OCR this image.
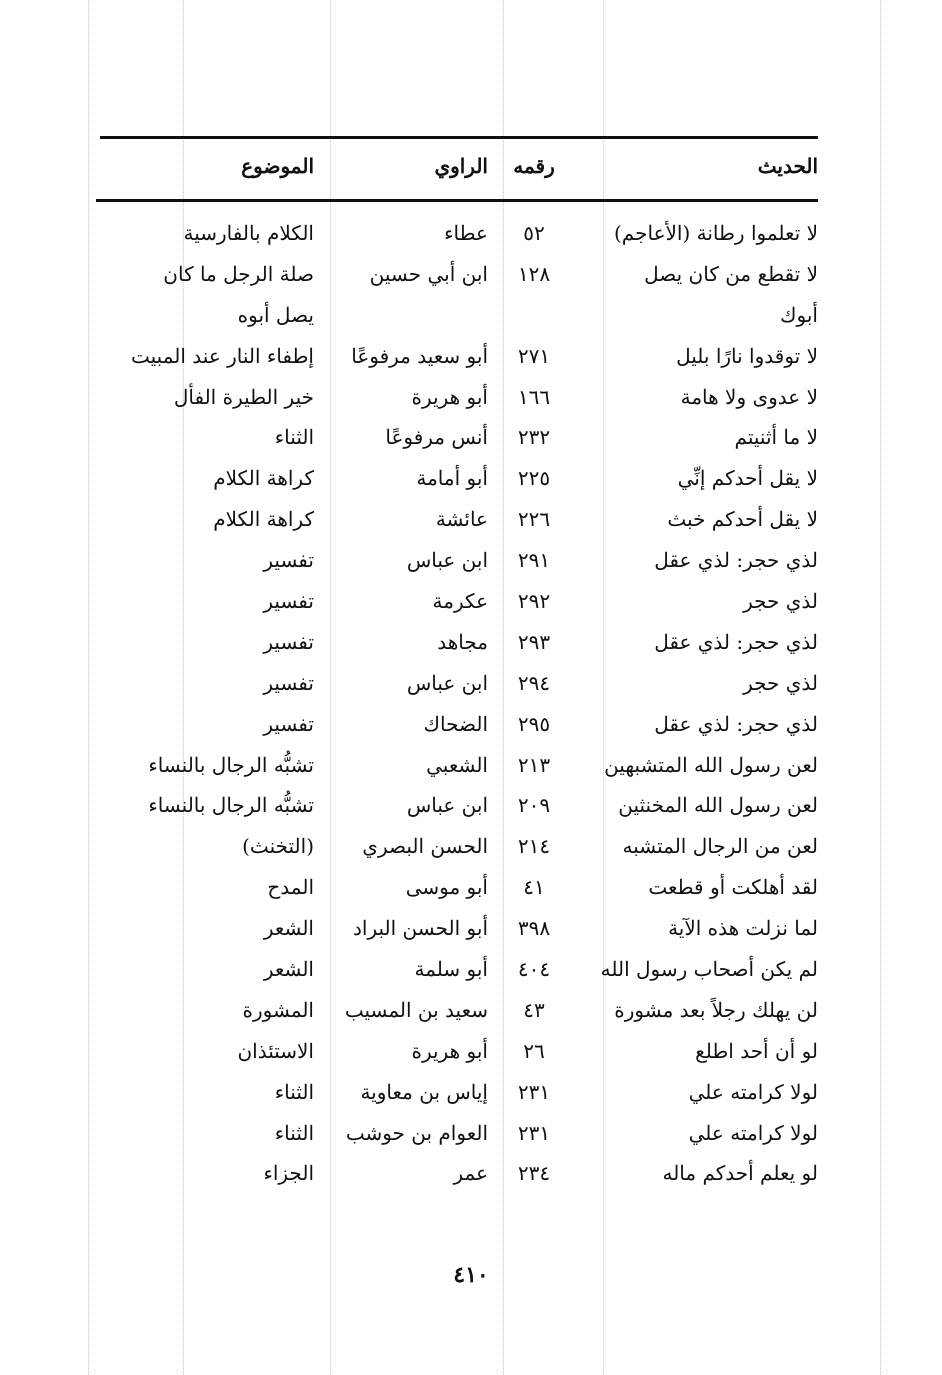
الحديث
رقمه
الراوي
الموضوع
لا تعلموا رطانة (الأعاجم)
٥٢
عطاء
الكلام بالفارسية
لا تقطع من كان يصل
١٢٨
ابن أبي حسين
صلة الرجل ما كان
أبوك
يصل أبوه
لا توقدوا نارًا بليل
٢٧١
أبو سعيد مرفوعًا
إطفاء النار عند المبيت
لا عدوى ولا هامة
١٦٦
أبو هريرة
خير الطيرة الفأل
لا ما أثنيتم
٢٣٢
أنس مرفوعًا
الثناء
لا يقل أحدكم إنِّي
٢٢٥
أبو أمامة
كراهة الكلام
لا يقل أحدكم خبث
٢٢٦
عائشة
كراهة الكلام
لذي حجر: لذي عقل
٢٩١
ابن عباس
تفسير
لذي حجر
٢٩٢
عكرمة
تفسير
لذي حجر: لذي عقل
٢٩٣
مجاهد
تفسير
لذي حجر
٢٩٤
ابن عباس
تفسير
لذي حجر: لذي عقل
٢٩٥
الضحاك
تفسير
لعن رسول الله المتشبهين
٢١٣
الشعبي
تشبُّه الرجال بالنساء
لعن رسول الله المخنثين
٢٠٩
ابن عباس
تشبُّه الرجال بالنساء
لعن من الرجال المتشبه
٢١٤
الحسن البصري
(التخنث)
لقد أهلكت أو قطعت
٤١
أبو موسى
المدح
لما نزلت هذه الآية
٣٩٨
أبو الحسن البراد
الشعر
لم يكن أصحاب رسول الله
٤٠٤
أبو سلمة
الشعر
لن يهلك رجلاً بعد مشورة
٤٣
سعيد بن المسيب
المشورة
لو أن أحد اطلع
٢٦
أبو هريرة
الاستئذان
لولا كرامته علي
٢٣١
إياس بن معاوية
الثناء
لولا كرامته علي
٢٣١
العوام بن حوشب
الثناء
لو يعلم أحدكم ماله
٢٣٤
عمر
الجزاء
٤١٠
